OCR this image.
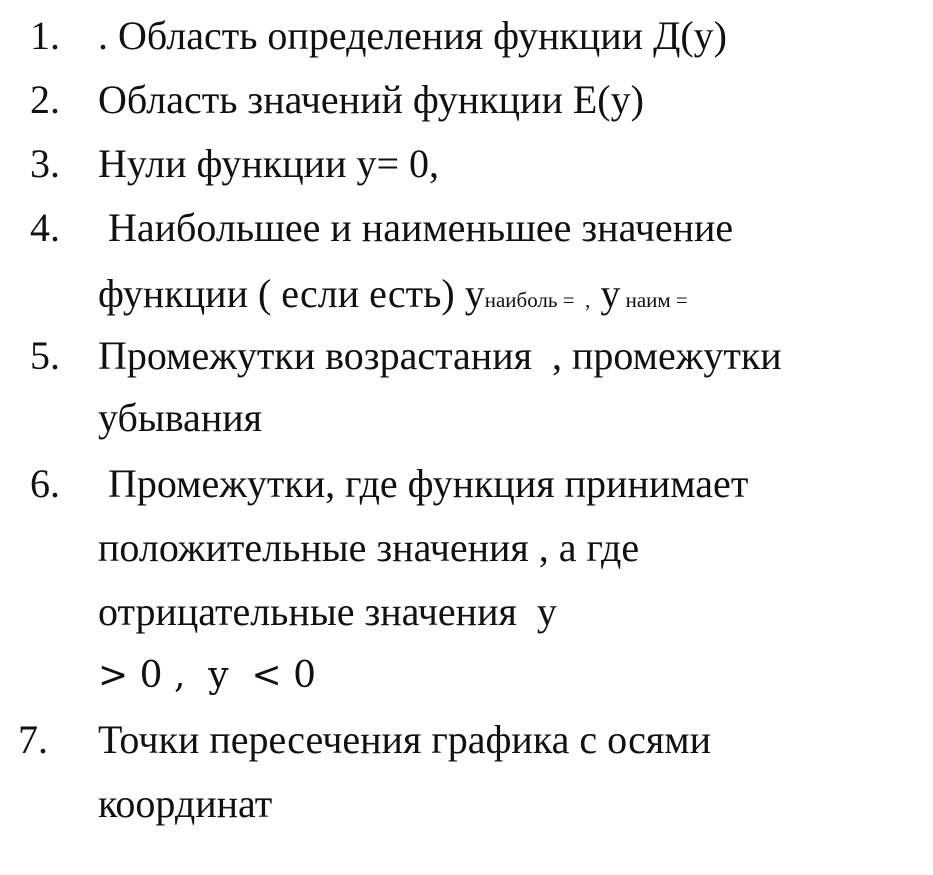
1. . Область определения функции Д(у)
2. Область значений функции Е(у)
3. Нули функции у= 0,
4. Наибольшее и наименьшее значение
функции ( если есть) унаиболь =  , у наим =
5. Промежутки возрастания  , промежутки
убывания
6. Промежутки, где функция принимает
положительные значения , а где
отрицательные значения  у
> 0 ,  y  < 0
7.	Точки пересечения графика с осями
координат
